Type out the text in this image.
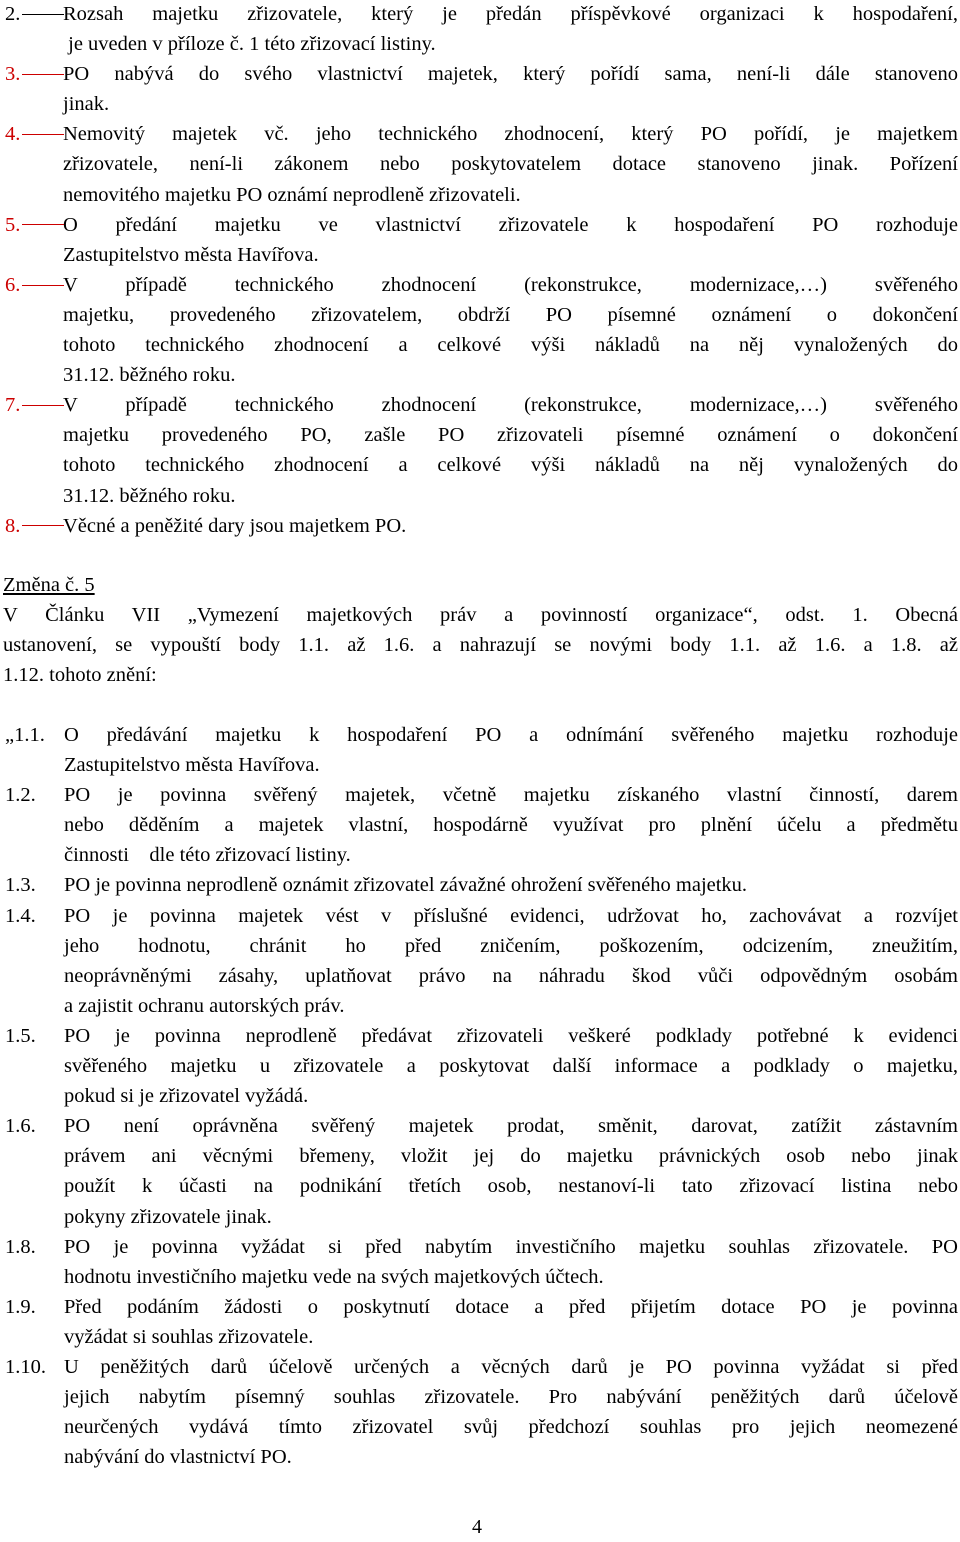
2.	Rozsah majetku zřizovatele, který je předán příspěvkové organizaci k hospodaření,
je uveden v příloze č. 1 této zřizovací listiny.
3.	PO nabývá do svého vlastnictví majetek, který pořídí sama, není-li dále stanoveno
jinak.
4.	Nemovitý majetek vč. jeho technického zhodnocení, který PO pořídí, je majetkem
zřizovatele, není-li zákonem nebo poskytovatelem dotace stanoveno jinak. Pořízení
nemovitého majetku PO oznámí neprodleně zřizovateli.
5.	O předání majetku ve vlastnictví zřizovatele k hospodaření PO rozhoduje
Zastupitelstvo města Havířova.
6.	V případě technického zhodnocení (rekonstrukce, modernizace,…) svěřeného
majetku, provedeného zřizovatelem, obdrží PO písemné oznámení o dokončení
tohoto technického zhodnocení a celkové výši nákladů na něj vynaložených do
31.12. běžného roku.
7.	V případě technického zhodnocení (rekonstrukce, modernizace,…) svěřeného
majetku provedeného PO, zašle PO zřizovateli písemné oznámení o dokončení
tohoto technického zhodnocení a celkové výši nákladů na něj vynaložených do
31.12. běžného roku.
8.	Věcné a peněžité dary jsou majetkem PO.
Změna č. 5
V Článku VII „Vymezení majetkových práv a povinností organizace“, odst. 1. Obecná
ustanovení, se vypouští body 1.1. až 1.6. a nahrazují se novými body 1.1. až 1.6. a 1.8. až
1.12. tohoto znění:
„1.1. O předávání majetku k hospodaření PO a odnímání svěřeného majetku rozhoduje
Zastupitelstvo města Havířova.
1.2.	PO je povinna svěřený majetek, včetně majetku získaného vlastní činností, darem
nebo děděním a majetek vlastní, hospodárně využívat pro plnění účelu a předmětu
činnosti    dle této zřizovací listiny.
1.3.	PO je povinna neprodleně oznámit zřizovatel závažné ohrožení svěřeného majetku.
1.4.	PO je povinna majetek vést v příslušné evidenci, udržovat ho, zachovávat a rozvíjet
jeho hodnotu, chránit ho před zničením, poškozením, odcizením, zneužitím,
neoprávněnými zásahy, uplatňovat právo na náhradu škod vůči odpovědným osobám
a zajistit ochranu autorských práv.
1.5.	PO je povinna neprodleně předávat zřizovateli veškeré podklady potřebné k evidenci
svěřeného majetku u zřizovatele a poskytovat další informace a podklady o majetku,
pokud si je zřizovatel vyžádá.
1.6.	PO není oprávněna svěřený majetek prodat, směnit, darovat, zatížit zástavním
právem ani věcnými břemeny, vložit jej do majetku právnických osob nebo jinak
použít k účasti na podnikání třetích osob, nestanoví-li tato zřizovací listina nebo
pokyny zřizovatele jinak.
1.8.	PO je povinna vyžádat si před nabytím investičního majetku souhlas zřizovatele. PO
hodnotu investičního majetku vede na svých majetkových účtech.
1.9.	Před podáním žádosti o poskytnutí dotace a před přijetím dotace PO je povinna
vyžádat si souhlas zřizovatele.
1.10. U peněžitých darů účelově určených a věcných darů je PO povinna vyžádat si před
jejich nabytím písemný souhlas zřizovatele. Pro nabývání peněžitých darů účelově
neurčených vydává tímto zřizovatel svůj předchozí souhlas pro jejich neomezené
nabývání do vlastnictví PO.
4
